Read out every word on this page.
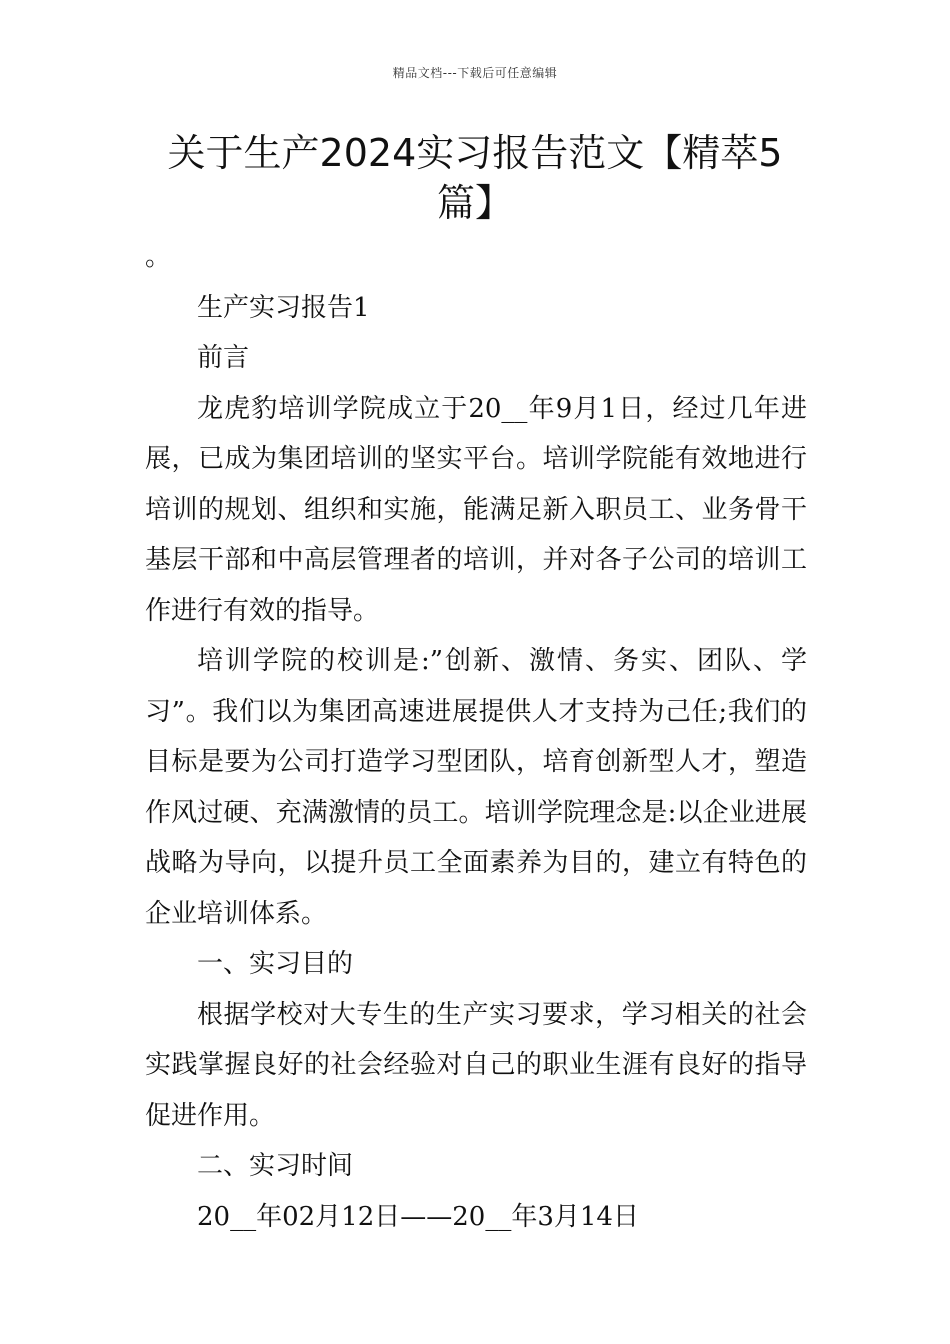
精品文档---下载后可任意编辑
关于生产2024实习报告范文【精萃5篇】

。

生产实习报告1

前言

龙虎豹培训学院成立于20__年9月1日，经过几年进展，已成为集团培训的坚实平台。培训学院能有效地进行培训的规划、组织和实施，能满足新入职员工、业务骨干基层干部和中高层管理者的培训，并对各子公司的培训工作进行有效的指导。

培训学院的校训是:”创新、激情、务实、团队、学习”。我们以为集团高速进展提供人才支持为己任;我们的目标是要为公司打造学习型团队，培育创新型人才，塑造作风过硬、充满激情的员工。培训学院理念是:以企业进展战略为导向，以提升员工全面素养为目的，建立有特色的企业培训体系。

一、实习目的

根据学校对大专生的生产实习要求，学习相关的社会实践掌握良好的社会经验对自己的职业生涯有良好的指导促进作用。

二、实习时间

20__年02月12日——20__年3月14日
